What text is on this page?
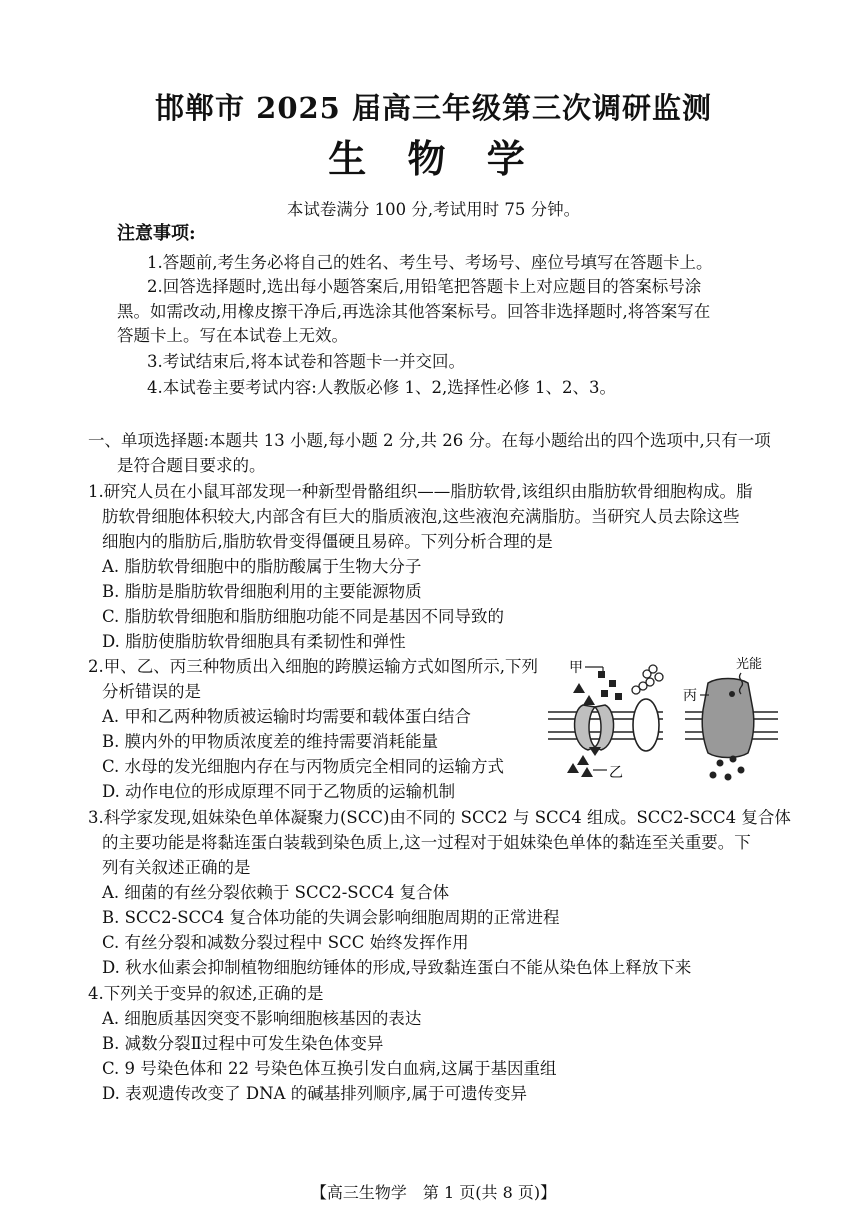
邯郸市 2025 届高三年级第三次调研监测
生 物 学
本试卷满分 100 分,考试用时 75 分钟。
注意事项:
1.答题前,考生务必将自己的姓名、考生号、考场号、座位号填写在答题卡上。
2.回答选择题时,选出每小题答案后,用铅笔把答题卡上对应题目的答案标号涂
黑。如需改动,用橡皮擦干净后,再选涂其他答案标号。回答非选择题时,将答案写在
答题卡上。写在本试卷上无效。
3.考试结束后,将本试卷和答题卡一并交回。
4.本试卷主要考试内容:人教版必修 1、2,选择性必修 1、2、3。
一、单项选择题:本题共 13 小题,每小题 2 分,共 26 分。在每小题给出的四个选项中,只有一项
是符合题目要求的。
1.研究人员在小鼠耳部发现一种新型骨骼组织——脂肪软骨,该组织由脂肪软骨细胞构成。脂
肪软骨细胞体积较大,内部含有巨大的脂质液泡,这些液泡充满脂肪。当研究人员去除这些
细胞内的脂肪后,脂肪软骨变得僵硬且易碎。下列分析合理的是
A. 脂肪软骨细胞中的脂肪酸属于生物大分子
B. 脂肪是脂肪软骨细胞利用的主要能源物质
C. 脂肪软骨细胞和脂肪细胞功能不同是基因不同导致的
D. 脂肪使脂肪软骨细胞具有柔韧性和弹性
2.甲、乙、丙三种物质出入细胞的跨膜运输方式如图所示,下列
分析错误的是
A. 甲和乙两种物质被运输时均需要和载体蛋白结合
B. 膜内外的甲物质浓度差的维持需要消耗能量
C. 水母的发光细胞内存在与丙物质完全相同的运输方式
D. 动作电位的形成原理不同于乙物质的运输机制
甲
乙
丙
光能
3.科学家发现,姐妹染色单体凝聚力(SCC)由不同的 SCC2 与 SCC4 组成。SCC2-SCC4 复合体
的主要功能是将黏连蛋白装载到染色质上,这一过程对于姐妹染色单体的黏连至关重要。下
列有关叙述正确的是
A. 细菌的有丝分裂依赖于 SCC2-SCC4 复合体
B. SCC2-SCC4 复合体功能的失调会影响细胞周期的正常进程
C. 有丝分裂和减数分裂过程中 SCC 始终发挥作用
D. 秋水仙素会抑制植物细胞纺锤体的形成,导致黏连蛋白不能从染色体上释放下来
4.下列关于变异的叙述,正确的是
A. 细胞质基因突变不影响细胞核基因的表达
B. 减数分裂Ⅱ过程中可发生染色体变异
C. 9 号染色体和 22 号染色体互换引发白血病,这属于基因重组
D. 表观遗传改变了 DNA 的碱基排列顺序,属于可遗传变异
【高三生物学　第 1 页(共 8 页)】
